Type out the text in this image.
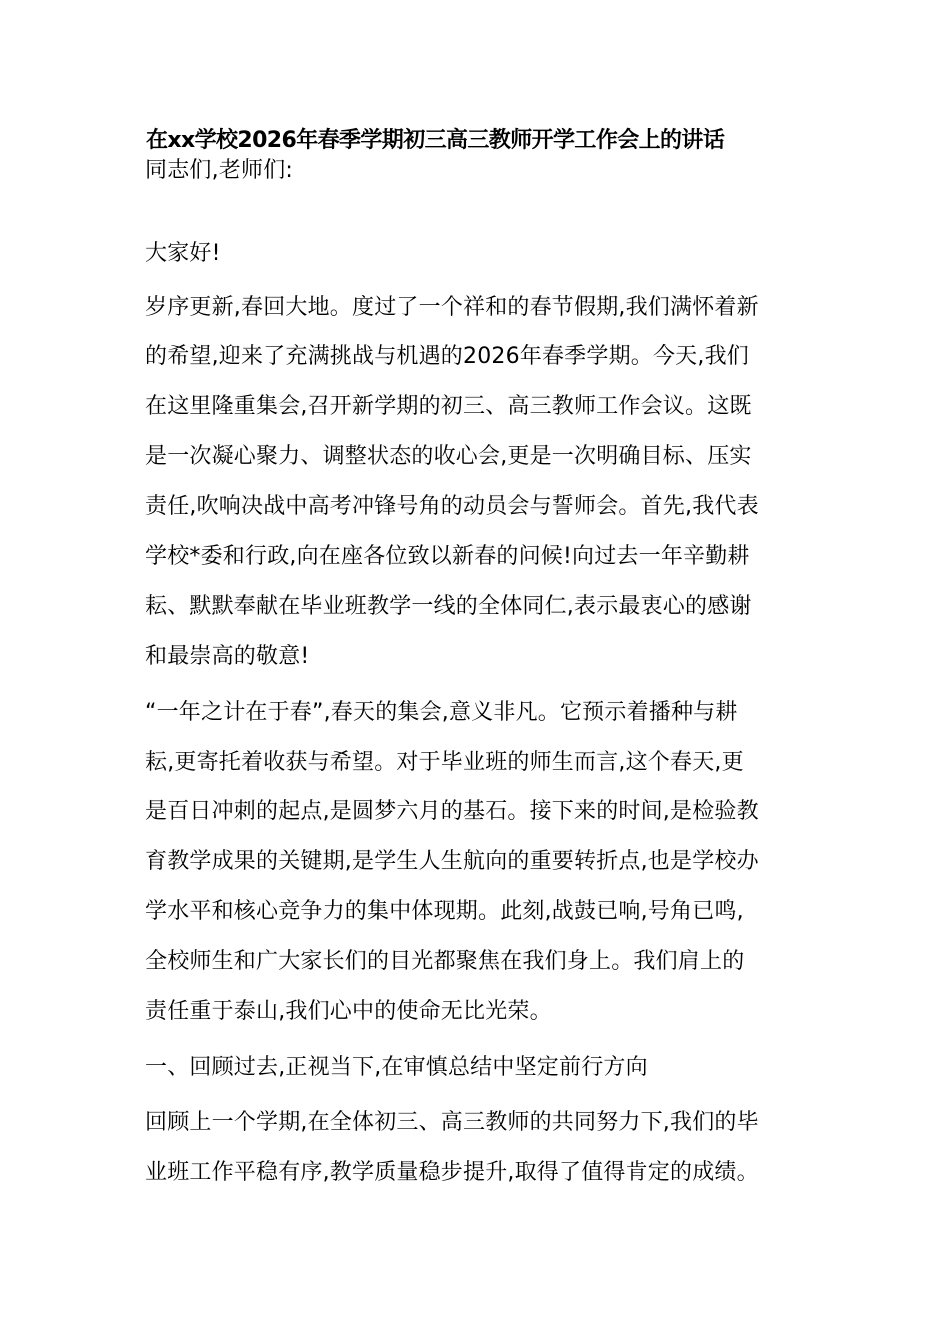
在xx学校2026年春季学期初三高三教师开学工作会上的讲话
同志们,老师们:
大家好!
岁序更新,春回大地。度过了一个祥和的春节假期,我们满怀着新
的希望,迎来了充满挑战与机遇的2026年春季学期。今天,我们
在这里隆重集会,召开新学期的初三、高三教师工作会议。这既
是一次凝心聚力、调整状态的收心会,更是一次明确目标、压实
责任,吹响决战中高考冲锋号角的动员会与誓师会。首先,我代表
学校*委和行政,向在座各位致以新春的问候!向过去一年辛勤耕
耘、默默奉献在毕业班教学一线的全体同仁,表示最衷心的感谢
和最崇高的敬意!
“一年之计在于春”,春天的集会,意义非凡。它预示着播种与耕
耘,更寄托着收获与希望。对于毕业班的师生而言,这个春天,更
是百日冲刺的起点,是圆梦六月的基石。接下来的时间,是检验教
育教学成果的关键期,是学生人生航向的重要转折点,也是学校办
学水平和核心竞争力的集中体现期。此刻,战鼓已响,号角已鸣,
全校师生和广大家长们的目光都聚焦在我们身上。我们肩上的
责任重于泰山,我们心中的使命无比光荣。
一、回顾过去,正视当下,在审慎总结中坚定前行方向
回顾上一个学期,在全体初三、高三教师的共同努力下,我们的毕
业班工作平稳有序,教学质量稳步提升,取得了值得肯定的成绩。
